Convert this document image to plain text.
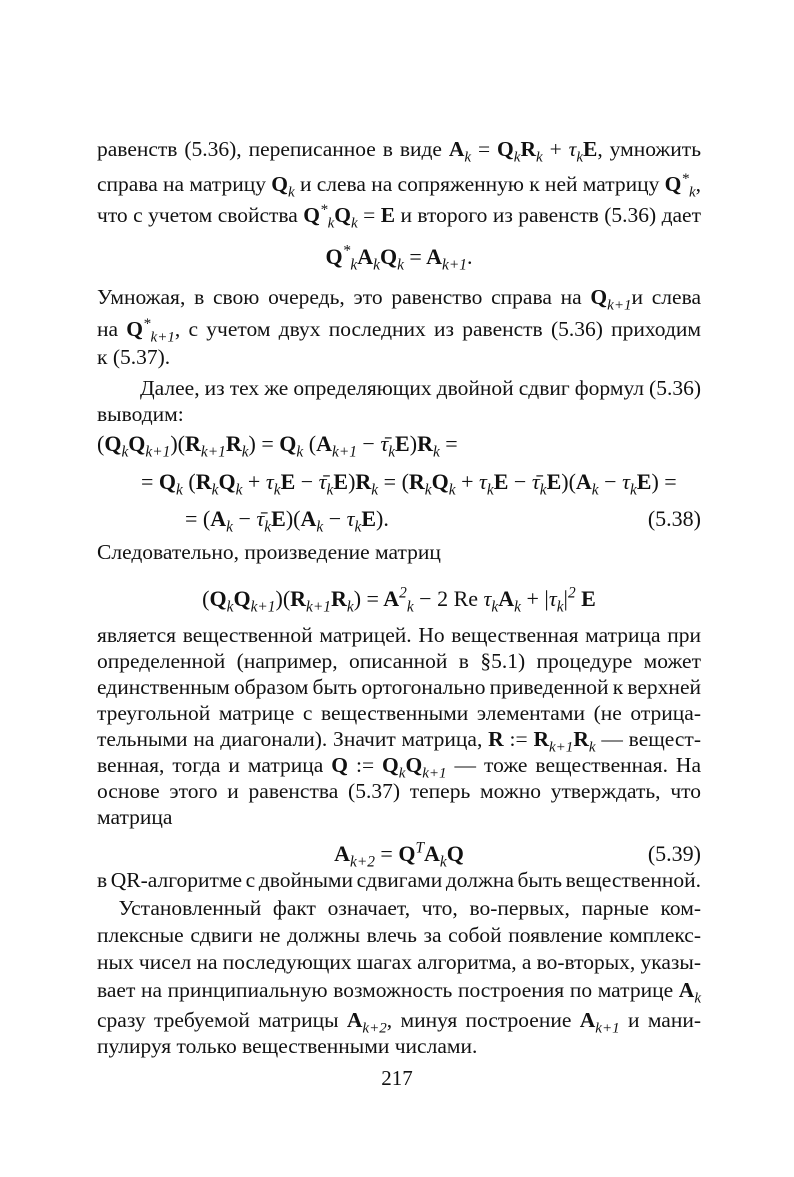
равенств (5.36), переписанное в виде $A_k = Q_kR_k + \tau_kE$, умножить
справа на матрицу $Q_k$ и слева на сопряженную к ней матрицу $Q^*_k$,
что с учетом свойства $Q^*_kQ_k = E$ и второго из равенств (5.36) дает
$Q^*_kA_kQ_k = A_{k+1}$.
Умножая, в свою очередь, это равенство справа на $Q_{k+1}и$ слева
на $Q^*_{k+1}$, с учетом двух последних из равенств (5.36) приходим
к (5.37).
  Далее, из тех же определяющих двойной сдвиг формул (5.36)
выводим:
$(Q_kQ_{k+1})(R_{k+1}R_k) = Q_k$ $(A_{k+1} - \tau_kE)R_k$ =
  = $Q_k$ $(R_kQ_k + \tau_kE - \tau_kE)R_k = (R_kQ_k + \tau_kE - \tau_kE)(A_k - \tau_kE)$ =
    = $(A_k - \tau_kE)(A_k - \tau_kE)$.	(5.38)
Следовательно, произведение матриц
$(Q_kQ_{k+1})(R_{k+1}R_k) = A^2_k - 2$ Re $\tau_kA_k + |\tau_k|^2$ E
является вещественной матрицей. Но вещественная матрица при
определенной (например, описанной в §5.1) процедуре может
единственным образом быть ортогонально приведенной к верхней
треугольной матрице с вещественными элементами (не отрица-
тельными на диагонали). Значит матрица, R := $R_{k+1}R_k$ — вещест-
венная, тогда и матрица Q := $Q_kQ_{k+1}$ — тоже вещественная. На
основе этого и равенства (5.37) теперь можно утверждать, что
матрица
$A_{k+2} = Q^TA_kQ$	(5.39)
в QR-алгоритме с двойными сдвигами должна быть вещественной.
 Установленный факт означает, что, во-первых, парные ком-
плексные сдвиги не должны влечь за собой появление комплекс-
ных чисел на последующих шагах алгоритма, а во-вторых, указы-
вает на принципиальную возможность построения по матрице $A_k$
сразу требуемой матрицы $A_{k+2}$, минуя построение $A_{k+1}$ и мани-
пулируя только вещественными числами.
217
